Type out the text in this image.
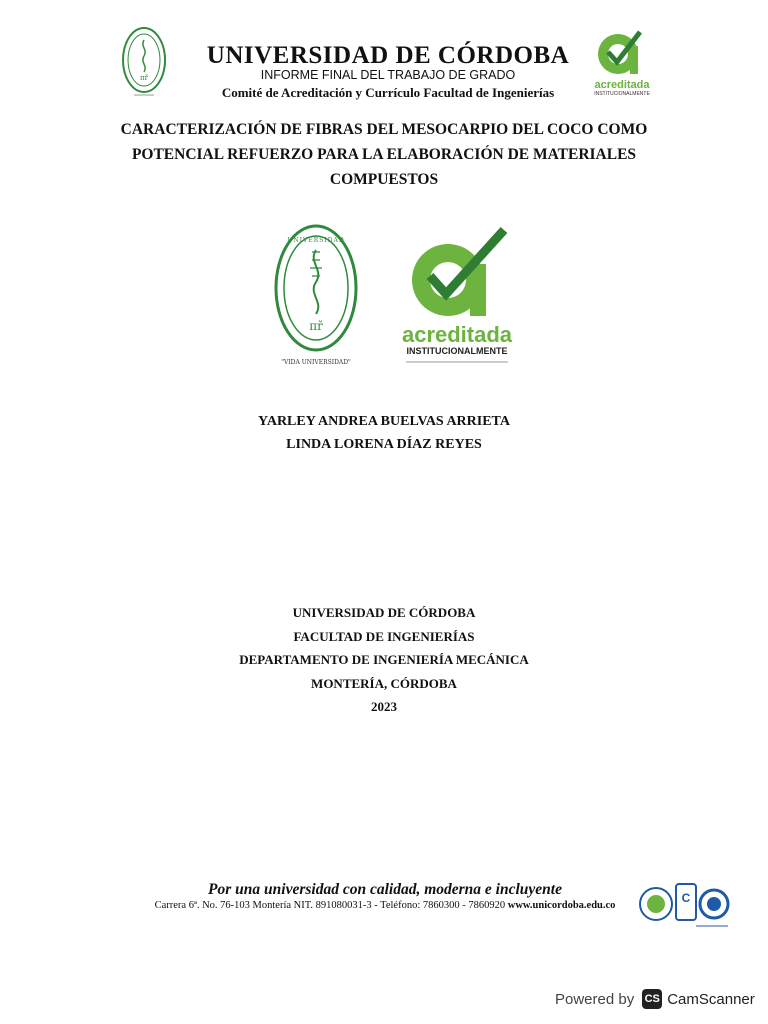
πř
acreditada
INSTITUCIONALMENTE
UNIVERSIDAD DE CÓRDOBA
INFORME FINAL DEL TRABAJO DE GRADO
Comité de Acreditación y Currículo Facultad de Ingenierías
CARACTERIZACIÓN DE FIBRAS DEL MESOCARPIO DEL COCO COMO
POTENCIAL REFUERZO PARA LA ELABORACIÓN DE MATERIALES
COMPUESTOS
πř
UNIVERSIDAD
"VIDA UNIVERSIDAD"
acreditada
INSTITUCIONALMENTE
YARLEY ANDREA BUELVAS ARRIETA
LINDA LORENA DÍAZ REYES
UNIVERSIDAD DE CÓRDOBA
FACULTAD DE INGENIERÍAS
DEPARTAMENTO DE INGENIERÍA MECÁNICA
MONTERÍA, CÓRDOBA
2023
Por una universidad con calidad, moderna e incluyente
Carrera 6ª. No. 76-103 Montería NIT. 891080031-3 - Teléfono: 7860300 - 7860920 www.unicordoba.edu.co
C
Powered by CS CamScanner
